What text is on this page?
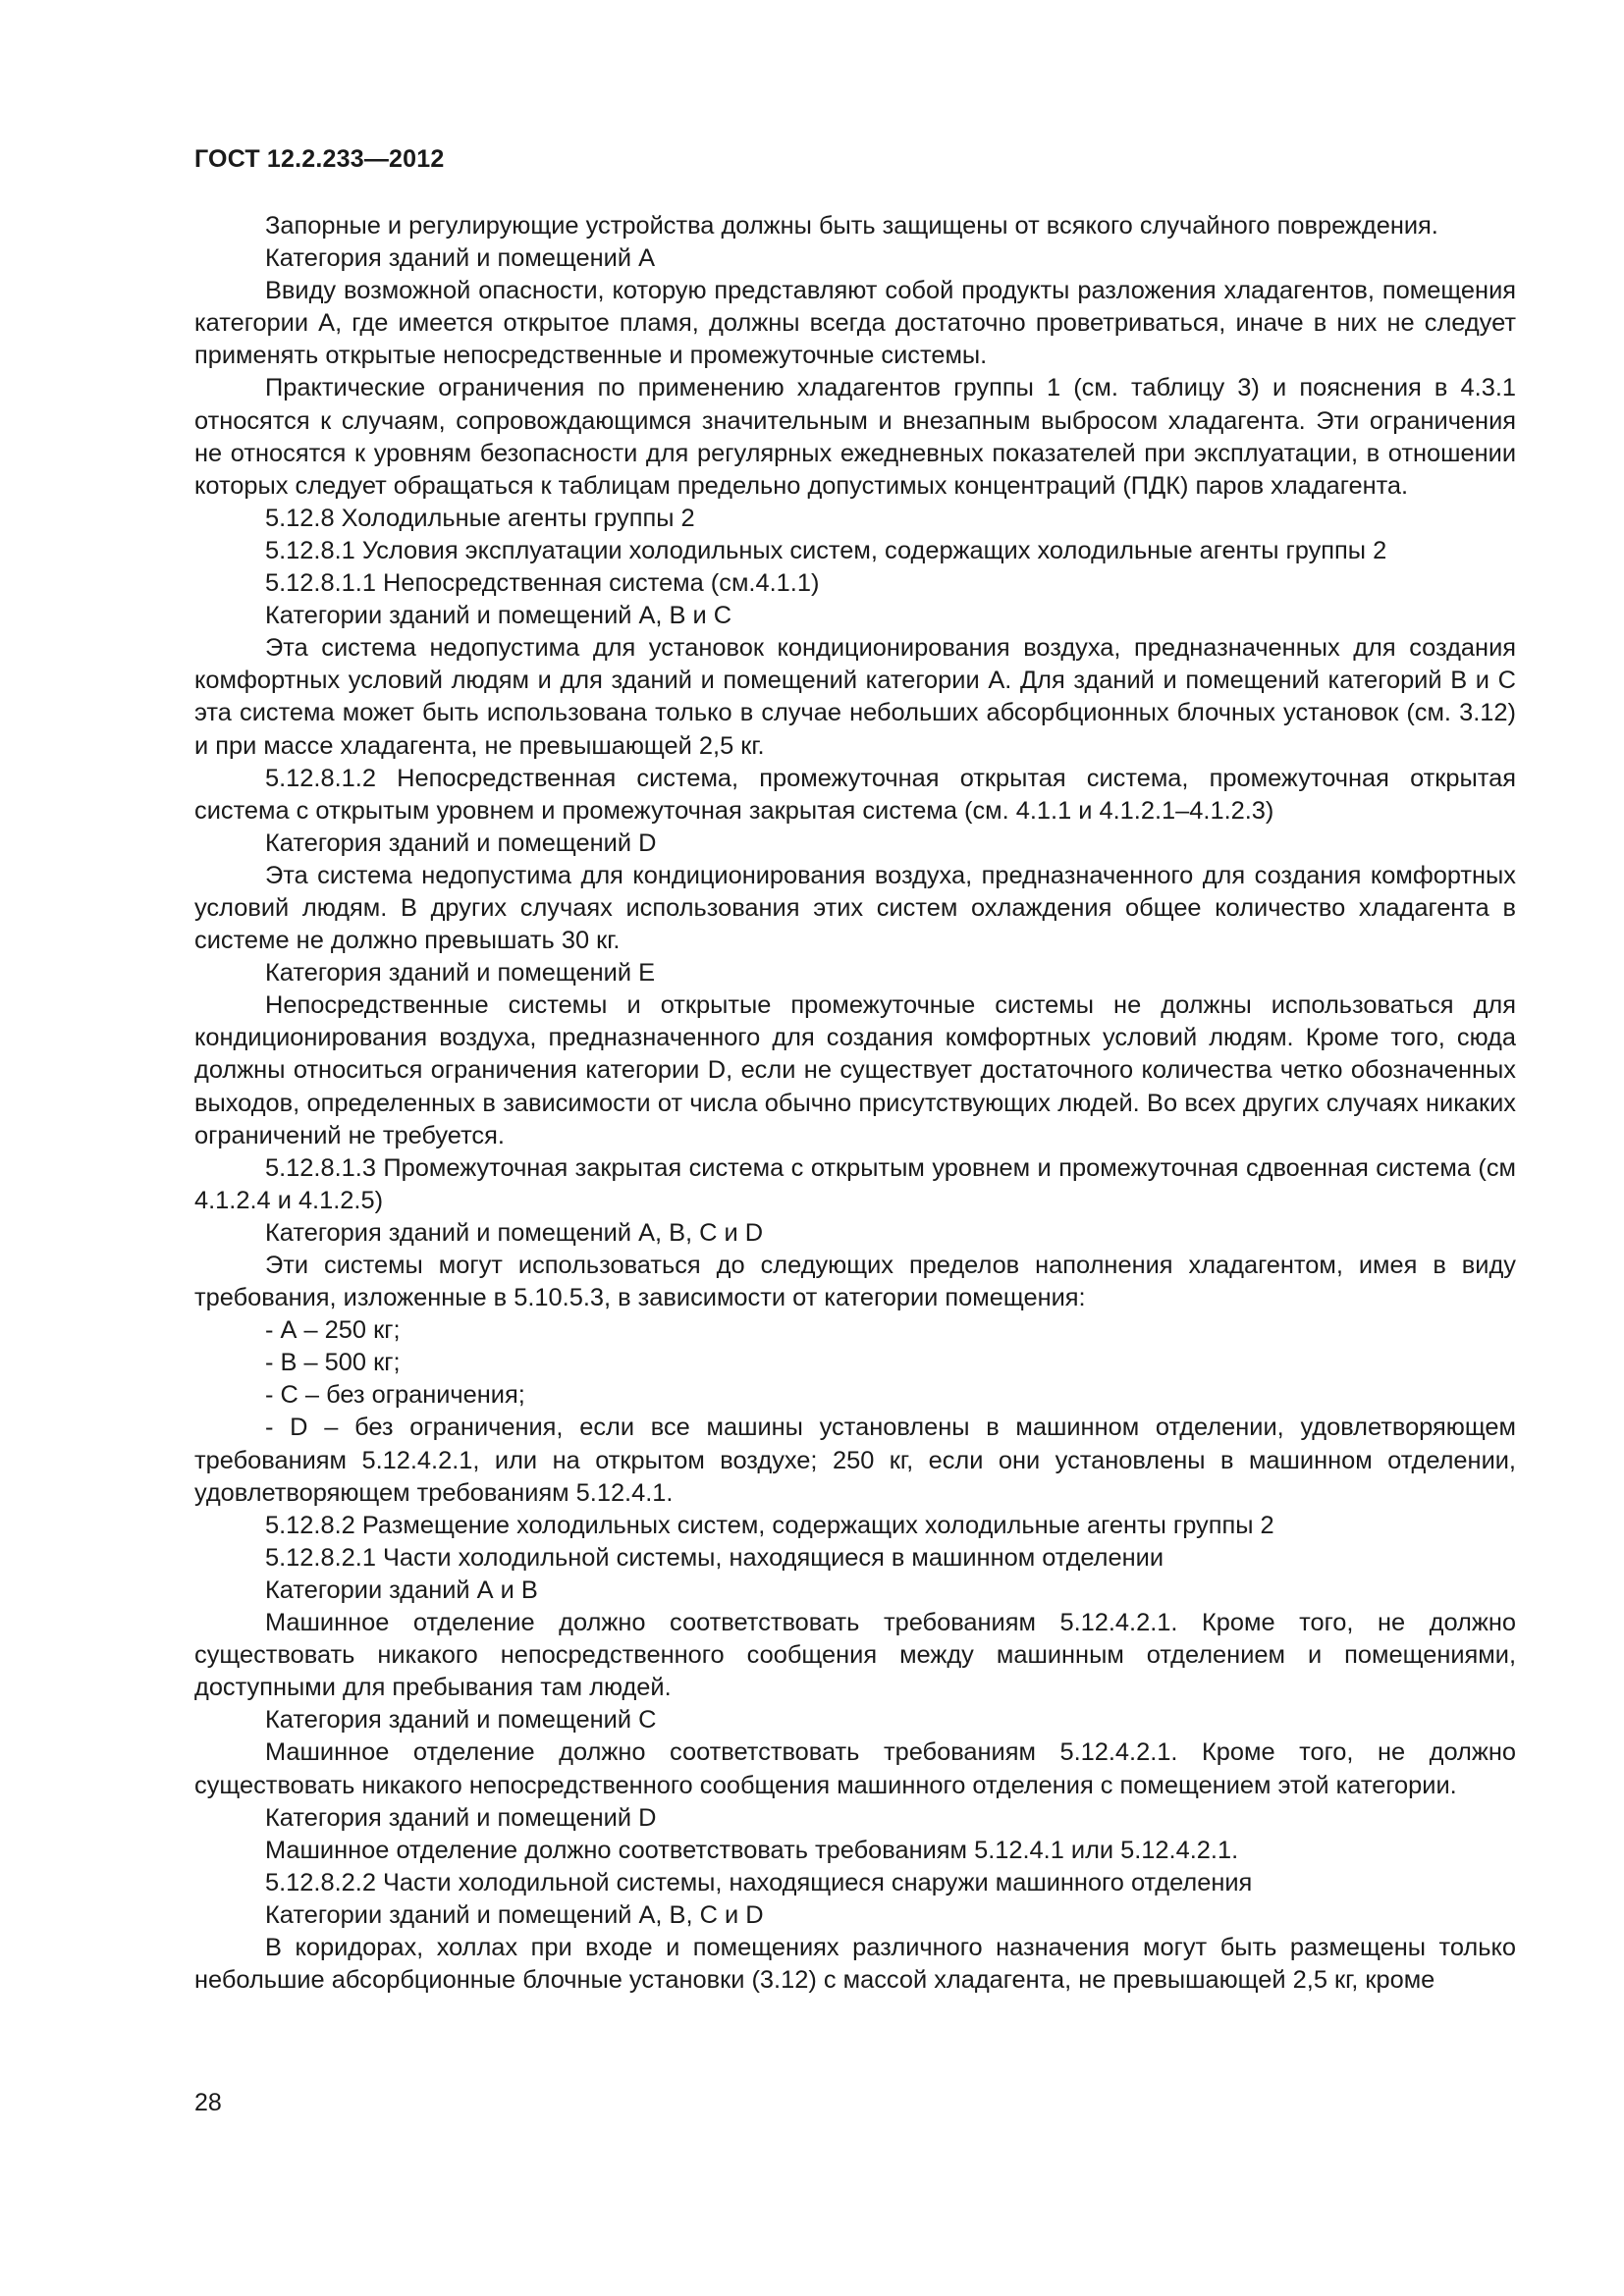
ГОСТ 12.2.233—2012

Запорные и регулирующие устройства должны быть защищены от всякого случайного повреждения.

Категория зданий и помещений А

Ввиду возможной опасности, которую представляют собой продукты разложения хладагентов, помещения категории А, где имеется открытое пламя, должны всегда достаточно проветриваться, иначе в них не следует применять открытые непосредственные и промежуточные системы.

Практические ограничения по применению хладагентов группы 1 (см. таблицу 3) и пояснения в 4.3.1 относятся к случаям, сопровождающимся значительным и внезапным выбросом хладагента. Эти ограничения не относятся к уровням безопасности для регулярных ежедневных показателей при эксплуатации, в отношении которых следует обращаться к таблицам предельно допустимых концентраций (ПДК) паров хладагента.

5.12.8 Холодильные агенты группы 2

5.12.8.1 Условия эксплуатации холодильных систем, содержащих холодильные агенты группы 2

5.12.8.1.1 Непосредственная система (см.4.1.1)

Категории зданий и помещений А, В и С

Эта система недопустима для установок кондиционирования воздуха, предназначенных для создания комфортных условий людям и для зданий и помещений категории А. Для зданий и помещений категорий В и С эта система может быть использована только в случае небольших абсорбционных блочных установок (см. 3.12) и при массе хладагента, не превышающей 2,5 кг.

5.12.8.1.2 Непосредственная система, промежуточная открытая система, промежуточная открытая система с открытым уровнем и промежуточная закрытая система (см. 4.1.1 и 4.1.2.1–4.1.2.3)

Категория зданий и помещений D

Эта система недопустима для кондиционирования воздуха, предназначенного для создания комфортных условий людям. В других случаях использования этих систем охлаждения общее количество хладагента в системе не должно превышать 30 кг.

Категория зданий и помещений Е

Непосредственные системы и открытые промежуточные системы не должны использоваться для кондиционирования воздуха, предназначенного для создания комфортных условий людям. Кроме того, сюда должны относиться ограничения категории D, если не существует достаточного количества четко обозначенных выходов, определенных в зависимости от числа обычно присутствующих людей. Во всех других случаях никаких ограничений не требуется.

5.12.8.1.3 Промежуточная закрытая система с открытым уровнем и промежуточная сдвоенная система (см 4.1.2.4 и 4.1.2.5)

Категория зданий и помещений А, В, С и D

Эти системы могут использоваться до следующих пределов наполнения хладагентом, имея в виду требования, изложенные в 5.10.5.3, в зависимости от категории помещения:

- А – 250 кг;

- В – 500 кг;

- С – без ограничения;

- D – без ограничения, если все машины установлены в машинном отделении, удовлетворяющем требованиям 5.12.4.2.1, или на открытом воздухе; 250 кг, если они установлены в машинном отделении, удовлетворяющем требованиям 5.12.4.1.

5.12.8.2 Размещение холодильных систем, содержащих холодильные агенты группы 2

5.12.8.2.1 Части холодильной системы, находящиеся в машинном отделении

Категории зданий А и В

Машинное отделение должно соответствовать требованиям 5.12.4.2.1. Кроме того, не должно существовать никакого непосредственного сообщения между машинным отделением и помещениями, доступными для пребывания там людей.

Категория зданий и помещений С

Машинное отделение должно соответствовать требованиям 5.12.4.2.1. Кроме того, не должно существовать никакого непосредственного сообщения машинного отделения с помещением этой категории.

Категория зданий и помещений D

Машинное отделение должно соответствовать требованиям 5.12.4.1 или 5.12.4.2.1.

5.12.8.2.2 Части холодильной системы, находящиеся снаружи машинного отделения

Категории зданий и помещений А, В, С и D

В коридорах, холлах при входе и помещениях различного назначения могут быть размещены только небольшие абсорбционные блочные установки (3.12) с массой хладагента, не превышающей 2,5 кг, кроме

28
